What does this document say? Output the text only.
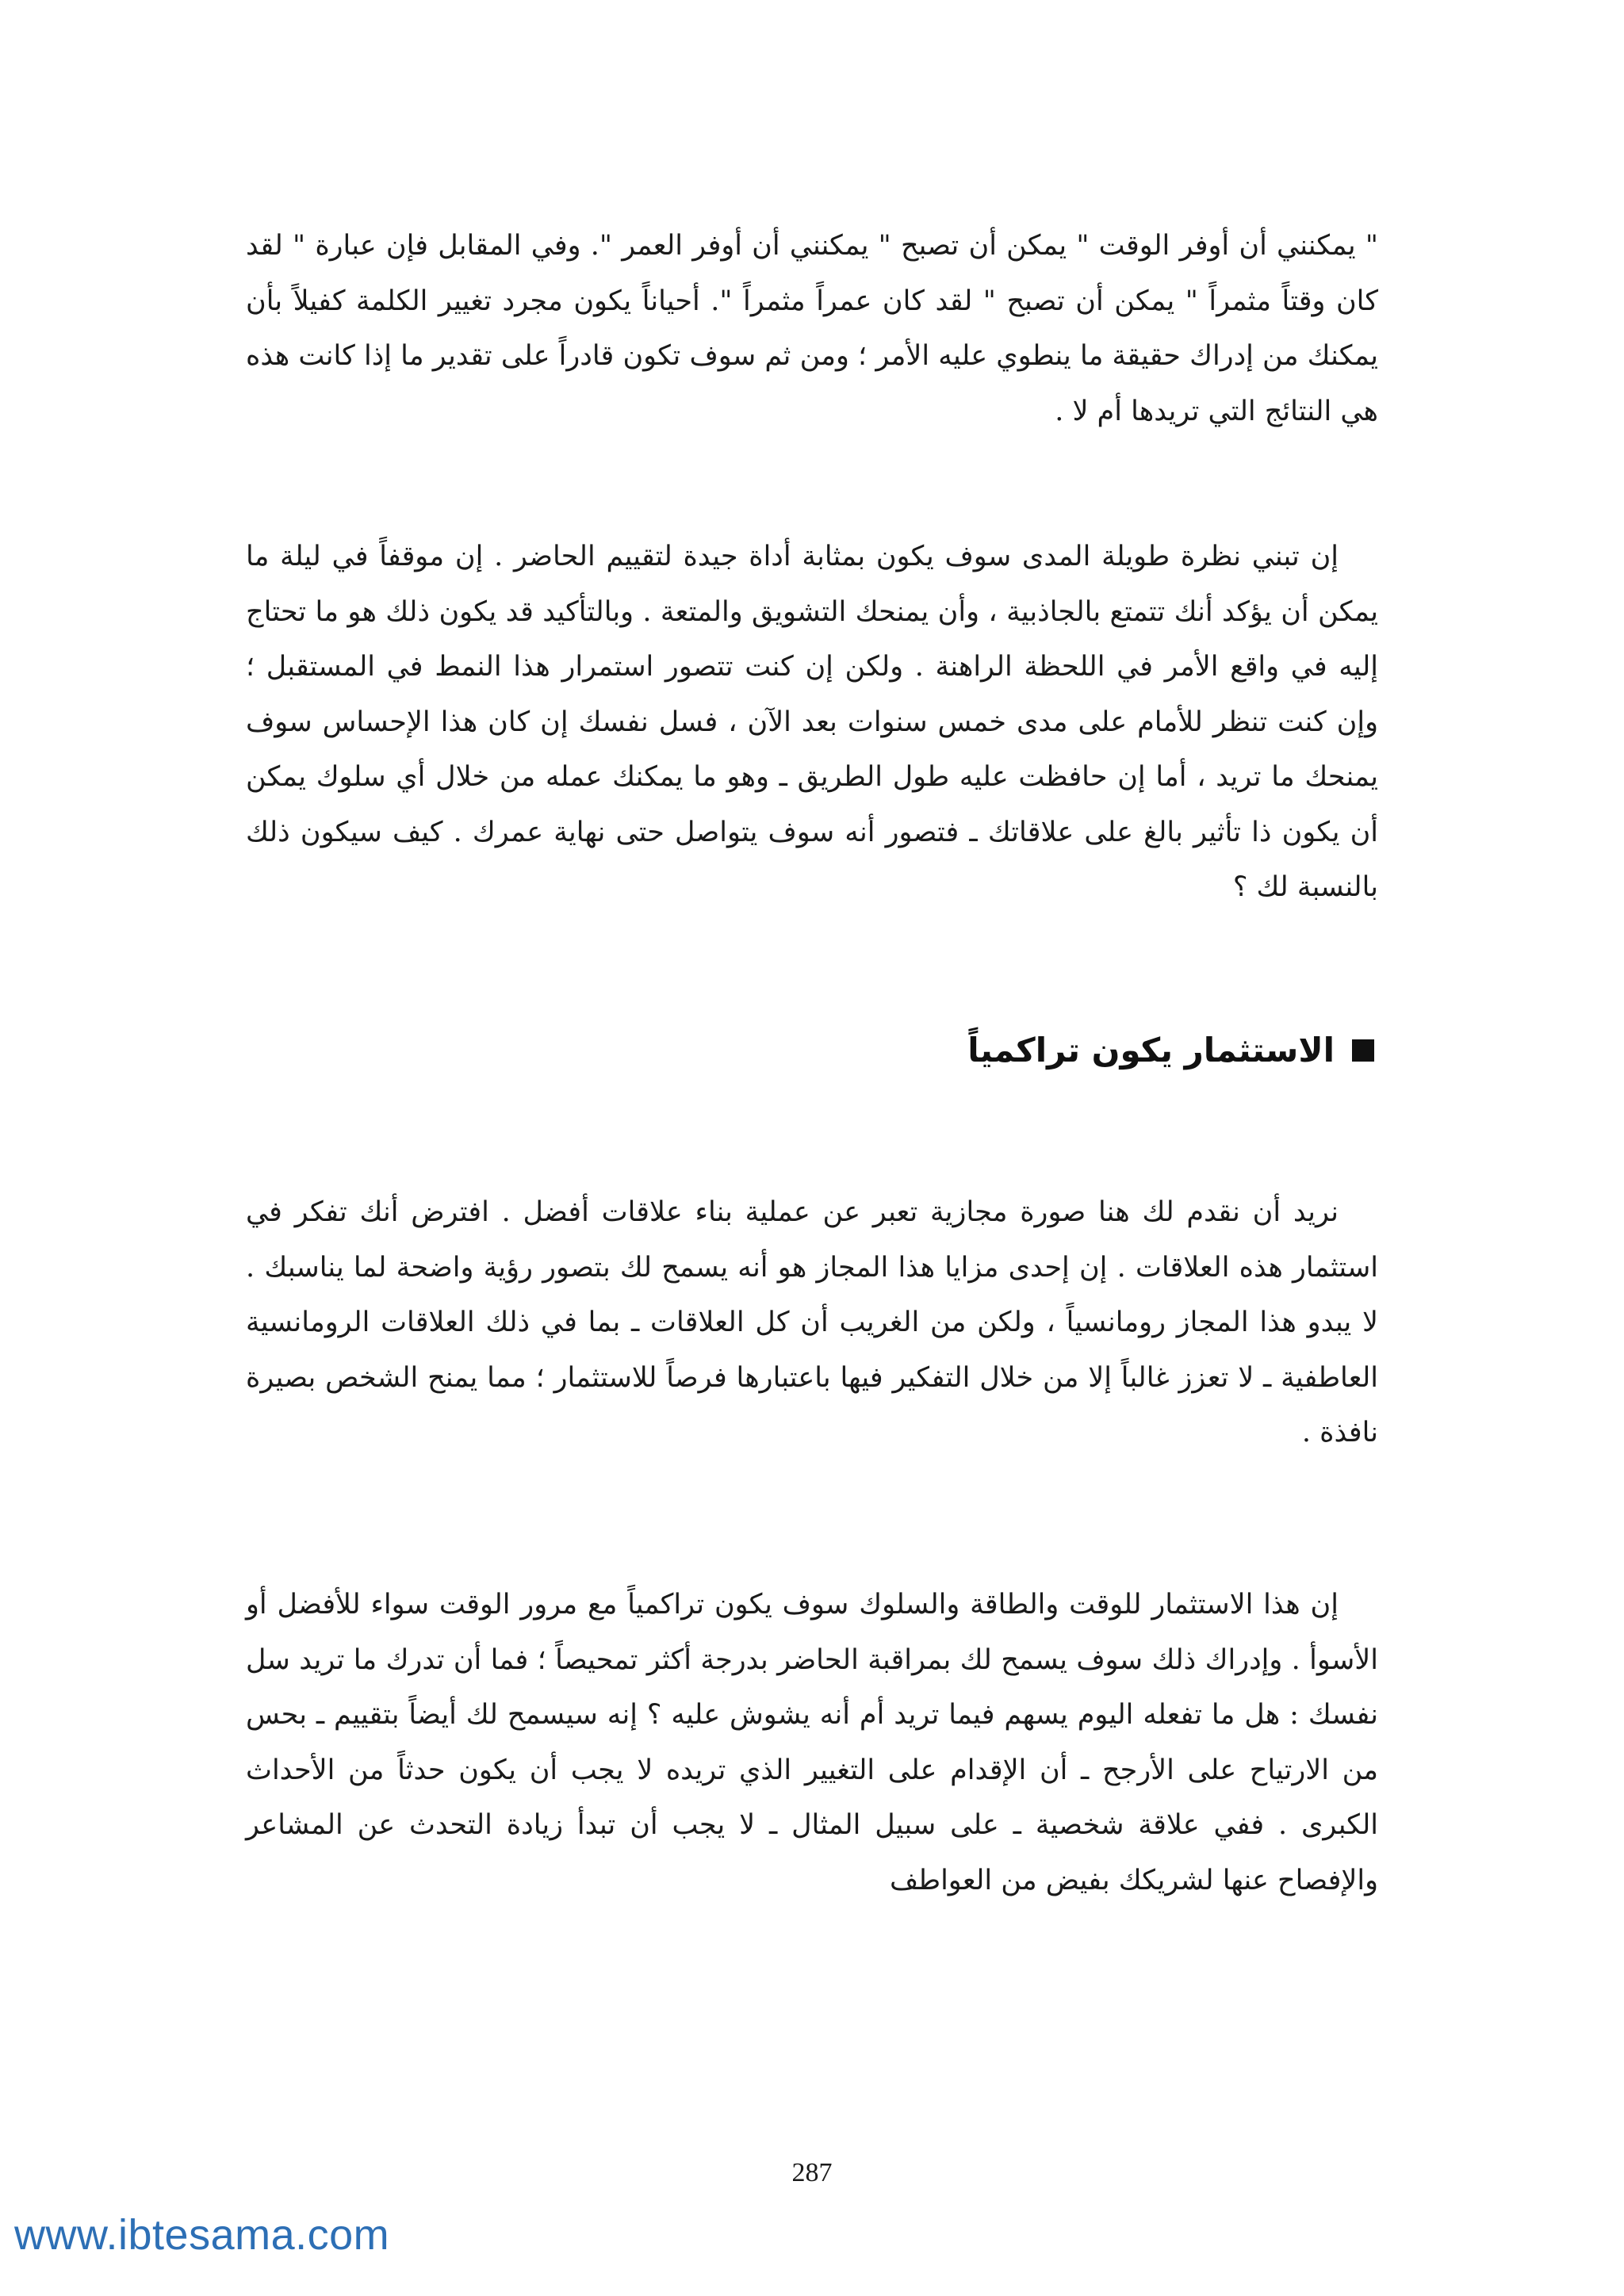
" يمكنني أن أوفر الوقت " يمكن أن تصبح " يمكنني أن أوفر العمر ". وفي المقابل فإن عبارة " لقد كان وقتاً مثمراً " يمكن أن تصبح " لقد كان عمراً مثمراً ". أحياناً يكون مجرد تغيير الكلمة كفيلاً بأن يمكنك من إدراك حقيقة ما ينطوي عليه الأمر ؛ ومن ثم سوف تكون قادراً على تقدير ما إذا كانت هذه هي النتائج التي تريدها أم لا .

إن تبني نظرة طويلة المدى سوف يكون بمثابة أداة جيدة لتقييم الحاضر . إن موقفاً في ليلة ما يمكن أن يؤكد أنك تتمتع بالجاذبية ، وأن يمنحك التشويق والمتعة . وبالتأكيد قد يكون ذلك هو ما تحتاج إليه في واقع الأمر في اللحظة الراهنة . ولكن إن كنت تتصور استمرار هذا النمط في المستقبل ؛ وإن كنت تنظر للأمام على مدى خمس سنوات بعد الآن ، فسل نفسك إن كان هذا الإحساس سوف يمنحك ما تريد ، أما إن حافظت عليه طول الطريق ـ وهو ما يمكنك عمله من خلال أي سلوك يمكن أن يكون ذا تأثير بالغ على علاقاتك ـ فتصور أنه سوف يتواصل حتى نهاية عمرك . كيف سيكون ذلك بالنسبة لك ؟

الاستثمار يكون تراكمياً

نريد أن نقدم لك هنا صورة مجازية تعبر عن عملية بناء علاقات أفضل . افترض أنك تفكر في استثمار هذه العلاقات . إن إحدى مزايا هذا المجاز هو أنه يسمح لك بتصور رؤية واضحة لما يناسبك . لا يبدو هذا المجاز رومانسياً ، ولكن من الغريب أن كل العلاقات ـ بما في ذلك العلاقات الرومانسية العاطفية ـ لا تعزز غالباً إلا من خلال التفكير فيها باعتبارها فرصاً للاستثمار ؛ مما يمنح الشخص بصيرة نافذة .

إن هذا الاستثمار للوقت والطاقة والسلوك سوف يكون تراكمياً مع مرور الوقت سواء للأفضل أو الأسوأ . وإدراك ذلك سوف يسمح لك بمراقبة الحاضر بدرجة أكثر تمحيصاً ؛ فما أن تدرك ما تريد سل نفسك : هل ما تفعله اليوم يسهم فيما تريد أم أنه يشوش عليه ؟ إنه سيسمح لك أيضاً بتقييم ـ بحس من الارتياح على الأرجح ـ أن الإقدام على التغيير الذي تريده لا يجب أن يكون حدثاً من الأحداث الكبرى . ففي علاقة شخصية ـ على سبيل المثال ـ لا يجب أن تبدأ زيادة التحدث عن المشاعر والإفصاح عنها لشريكك بفيض من العواطف

287
www.ibtesama.com
